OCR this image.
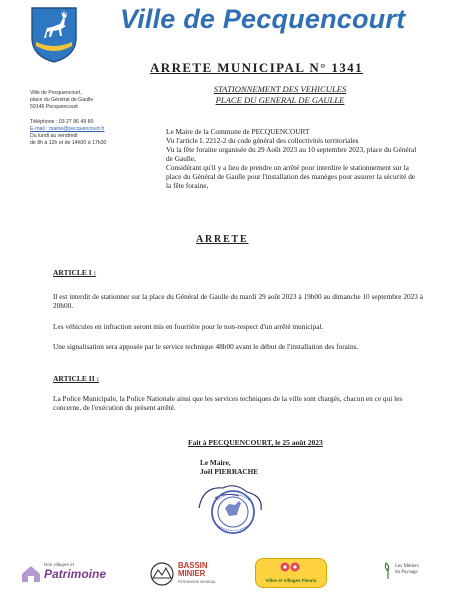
Ville de Pecquencourt
ARRETE MUNICIPAL N° 1341
STATIONNEMENT DES VEHICULES
PLACE DU GENERAL DE GAULLE
Ville de Pecquencourt,
place du Général de Gaulle
59146 Pecquencourt
Téléphone : 03 27 86 49 80
E-mail : mairie@pecquencourt.fr
Du lundi au vendredi
de 8h à 12h et de 14h00 à 17h30

Le Maire de la Commune de PECQUENCOURT

Vu l'article L 2212-2 du code général des collectivités territoriales

Vu la fête foraine organisée du 29 Août 2023 au 10 septembre 2023, place du Général de Gaulle,

Considérant qu'il y a lieu de prendre un arrêté pour interdire le stationnement sur la place du Général de Gaulle pour l'installation des manèges pour assurer la sécurité de la fête foraine,

ARRETE
ARTICLE I :
Il est interdit de stationner sur la place du Général de Gaulle du mardi 29 août 2023 à 19h00 au dimanche 10 septembre 2023 à 20h00.
Les véhicules en infraction seront mis en fourrière pour le non-respect d'un arrêté municipal.
Une signalisation sera apposée par le service technique 48h00 avant le début de l'installation des forains.
ARTICLE II :
La Police Municipale, la Police Nationale ainsi que les services techniques de la ville sont chargés, chacun en ce qui les concerne, de l'exécution du présent arrêté.
Fait à PECQUENCOURT, le 25 août 2023
Le Maire,
Joël PIERRACHE
Nos villages et
Patrimoine
BASSIN
MINIER
PATRIMOINE MONDIAL	Villes et Villages Fleuris
Les Métiers
du Paysage
